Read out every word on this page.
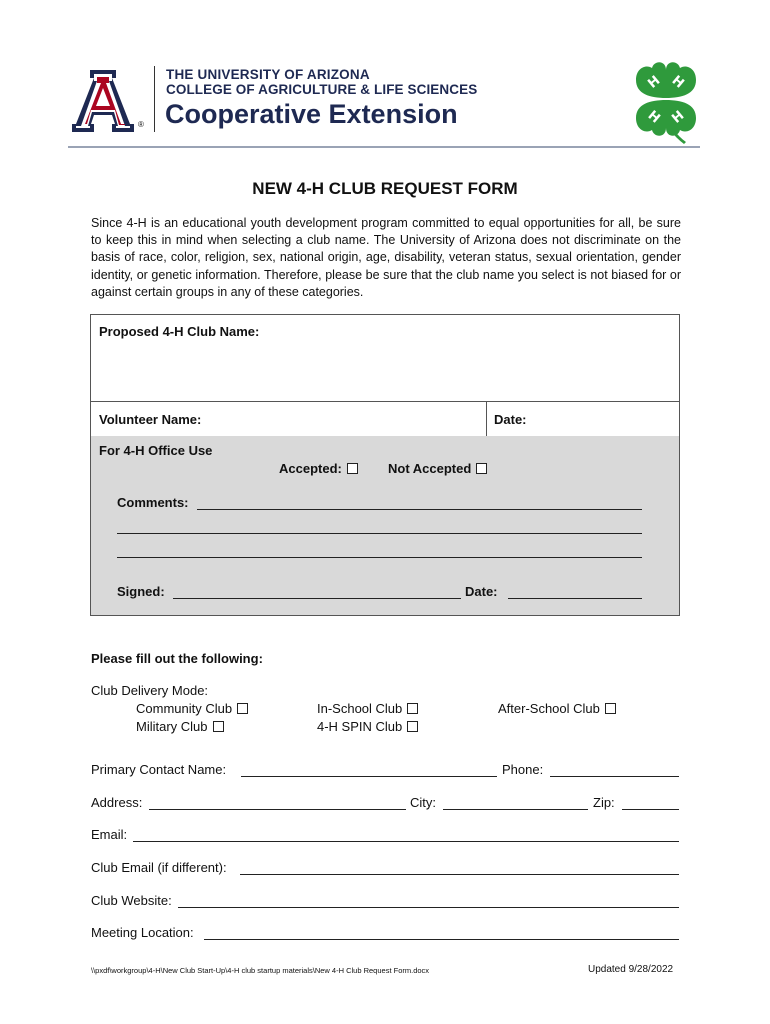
®
THE UNIVERSITY OF ARIZONA
COLLEGE OF AGRICULTURE & LIFE SCIENCES
Cooperative Extension
H H
H H
NEW 4-H CLUB REQUEST FORM
Since 4-H is an educational youth development program committed to equal opportunities for all, be sure to keep this in mind when selecting a club name. The University of Arizona does not discriminate on the basis of race, color, religion, sex, national origin, age, disability, veteran status, sexual orientation, gender identity, or genetic information. Therefore, please be sure that the club name you select is not biased for or against certain groups in any of these categories.
Proposed 4-H Club Name:
Volunteer Name:	Date:
For 4-H Office Use
Accepted:	Not Accepted
Comments:
Signed:	Date:
Please fill out the following:
Club Delivery Mode:
Community Club	In-School Club	After-School Club
Military Club	4-H SPIN Club
Primary Contact Name:	Phone:
Address:	City:	Zip:
Email:
Club Email (if different):
Club Website:
Meeting Location:
\\pxdf\workgroup\4-H\New Club Start-Up\4-H club startup materials\New 4-H Club Request Form.docx	Updated 9/28/2022
